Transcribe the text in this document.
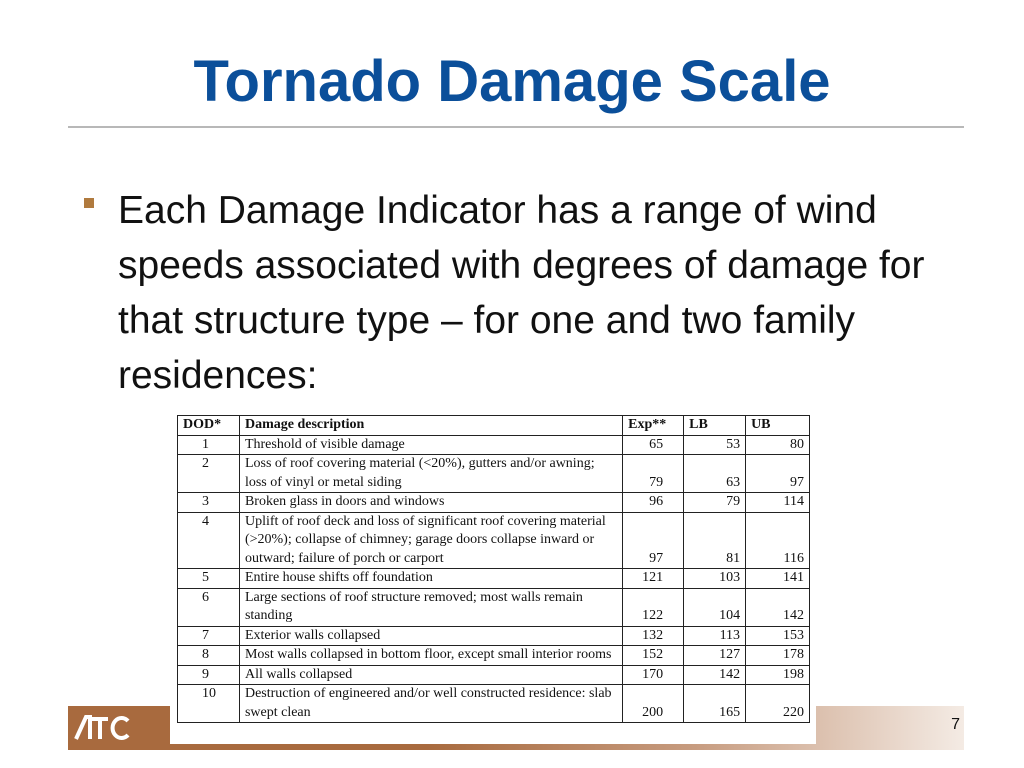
Tornado Damage Scale
Each Damage Indicator has a range of wind speeds associated with degrees of damage for that structure type – for one and two family residences:
7
DOD*	Damage description	Exp**	LB	UB
1	Threshold of visible damage	65	53	80
2	Loss of roof covering material (<20%), gutters and/or awning; loss of vinyl or metal siding	79	63	97
3	Broken glass in doors and windows	96	79	114
4	Uplift of roof deck and loss of significant roof covering material (>20%); collapse of chimney; garage doors collapse inward or outward; failure of porch or carport	97	81	116
5	Entire house shifts off foundation	121	103	141
6	Large sections of roof structure removed; most walls remain standing	122	104	142
7	Exterior walls collapsed	132	113	153
8	Most walls collapsed in bottom floor, except small interior rooms	152	127	178
9	All walls collapsed	170	142	198
10	Destruction of engineered and/or well constructed residence: slab swept clean	200	165	220
